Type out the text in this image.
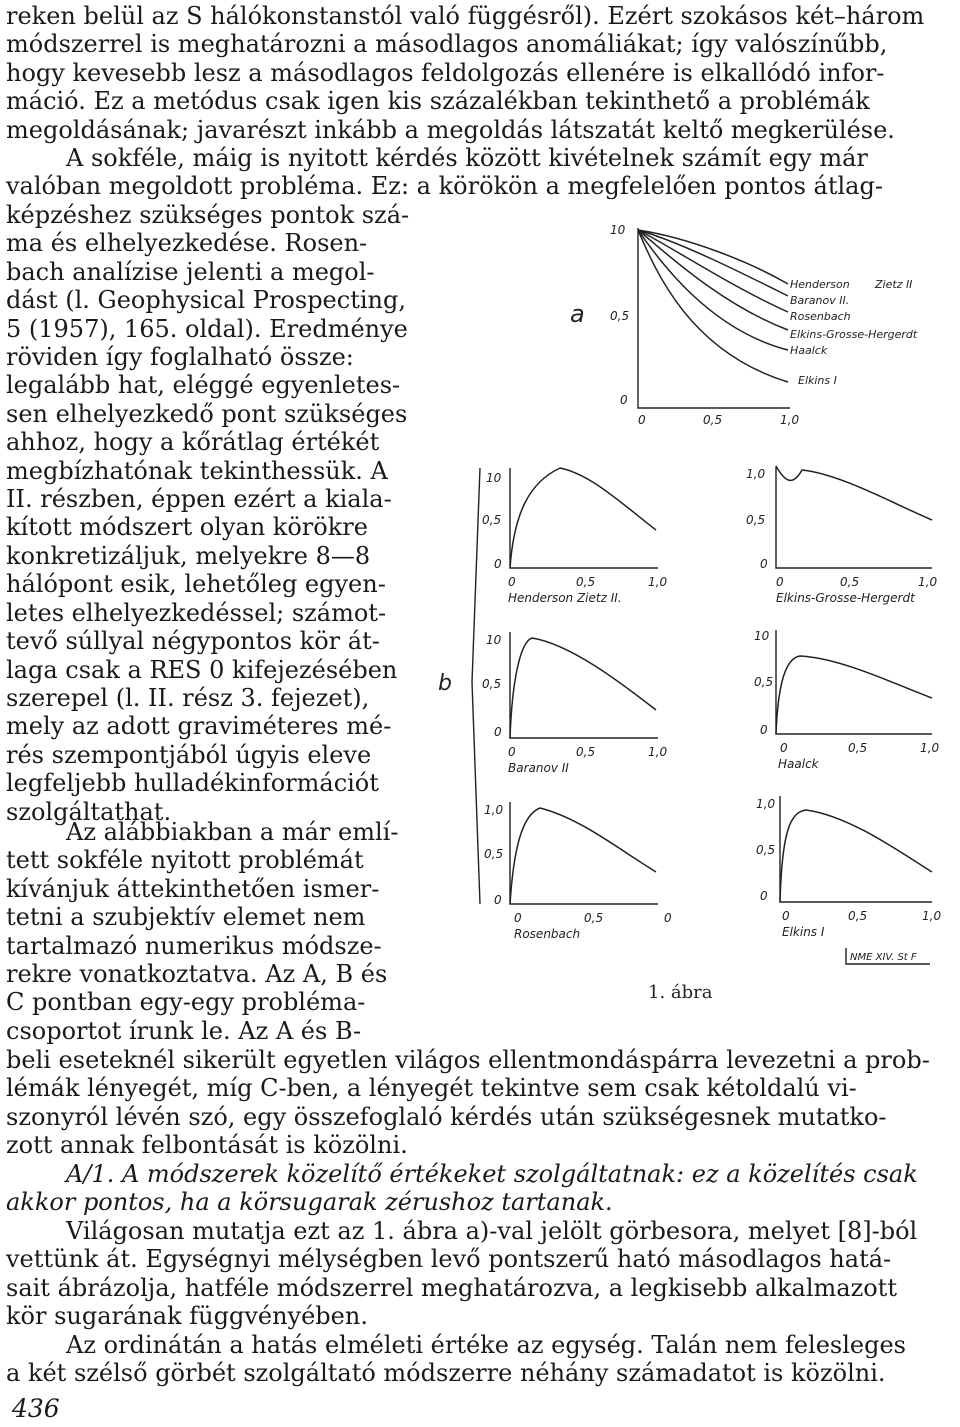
reken belül az S hálókonstanstól való függésről). Ezért szokásos két–három
módszerrel is meghatározni a másodlagos anomáliákat; így valószínűbb,
hogy kevesebb lesz a másodlagos feldolgozás ellenére is elkallódó infor-
máció. Ez a metódus csak igen kis százalékban tekinthető a problémák
megoldásának; javarészt inkább a megoldás látszatát keltő megkerülése.
A sokféle, máig is nyitott kérdés között kivételnek számít egy már
valóban megoldott probléma. Ez: a körökön a megfelelően pontos átlag-
képzéshez szükséges pontok szá-
ma és elhelyezkedése. Rosen-
bach analízise jelenti a megol-
dást (l. Geophysical Prospecting,
5 (1957), 165. oldal). Eredménye
röviden így foglalható össze:
legalább hat, eléggé egyenletes-
sen elhelyezkedő pont szükséges
ahhoz, hogy a kőrátlag értékét
megbízhatónak tekinthessük. A
II. részben, éppen ezért a kiala-
kított módszert olyan körökre
konkretizáljuk, melyekre 8—8
hálópont esik, lehetőleg egyen-
letes elhelyezkedéssel; számot-
tevő súllyal négypontos kör át-
laga csak a RES 0 kifejezésében
szerepel (l. II. rész 3. fejezet),
mely az adott graviméteres mé-
rés szempontjából úgyis eleve
legfeljebb hulladékinformációt
szolgáltathat.
Az alábbiakban a már emlí-
tett sokféle nyitott problémát
kívánjuk áttekinthetően ismer-
tetni a szubjektív elemet nem
tartalmazó numerikus módsze-
rekre vonatkoztatva. Az A, B és
C pontban egy-egy probléma-
csoportot írunk le. Az A és B-
beli eseteknél sikerült egyetlen világos ellentmondáspárra levezetni a prob-
lémák lényegét, míg C-ben, a lényegét tekintve sem csak kétoldalú vi-
szonyról lévén szó, egy összefoglaló kérdés után szükségesnek mutatko-
zott annak felbontását is közölni.
A/1. A módszerek közelítő értékeket szolgáltatnak: ez a közelítés csak
akkor pontos, ha a körsugarak zérushoz tartanak.
Világosan mutatja ezt az 1. ábra a)-val jelölt görbesora, melyet [8]-ból
vettünk át. Egységnyi mélységben levő pontszerű ható másodlagos hatá-
sait ábrázolja, hatféle módszerrel meghatározva, a legkisebb alkalmazott
kör sugarának függvényében.
Az ordinátán a hatás elméleti értéke az egység. Talán nem felesleges
a két szélső görbét szolgáltató módszerre néhány számadatot is közölni.
a
10
0,5
0
0	0,5	1,0
Henderson Zietz II
Baranov II.
Rosenbach
Elkins-Grosse-Hergerdt
Haalck
Elkins I
b
10
0,5
0
0	0,5	1,0
Henderson Zietz II.
10
0,5
0
0	0,5	1,0
Baranov II
1,0
0,5
0
0	0,5	0
Rosenbach
1,0
0,5
0
0	0,5	1,0
Elkins-Grosse-Hergerdt
10
0,5
0
0	0,5	1,0
Haalck
1,0
0,5
0
0	0,5	1,0
Elkins I
NME XIV. St F
1. ábra
436
